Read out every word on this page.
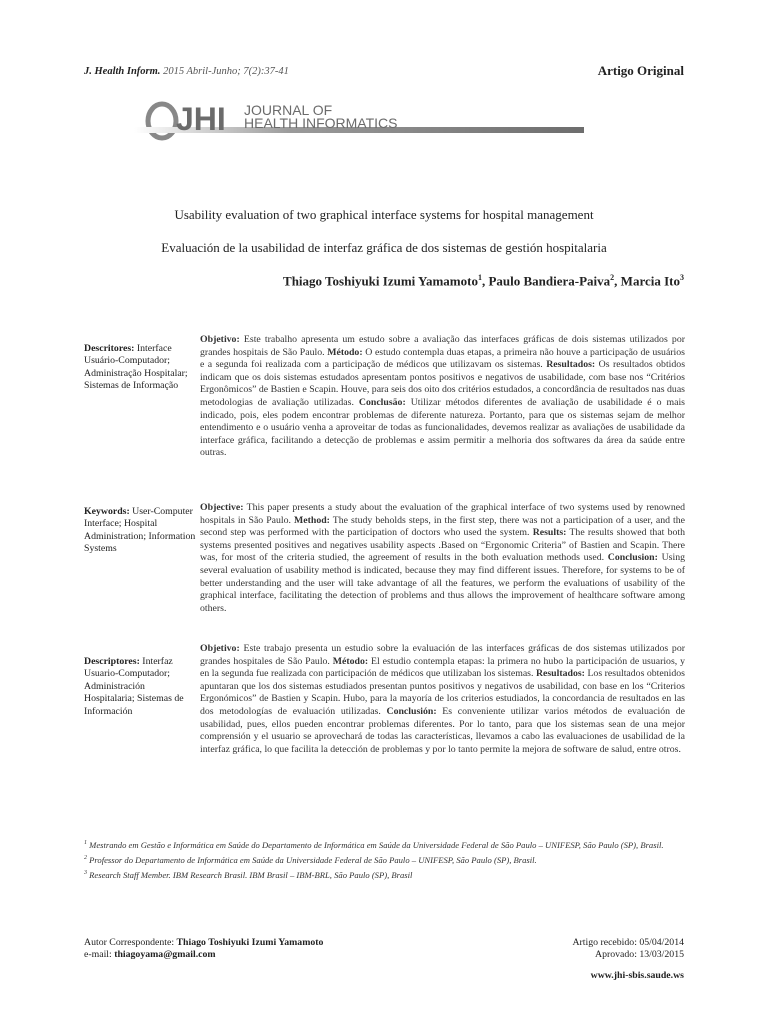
J. Health Inform. 2015 Abril-Junho; 7(2):37-41	Artigo Original
JHI JOURNAL OF
HEALTH INFORMATICS
Usability evaluation of two graphical interface systems for hospital management
Evaluación de la usabilidad de interfaz gráfica de dos sistemas de gestión hospitalaria
Thiago Toshiyuki Izumi Yamamoto$^1$, Paulo Bandiera-Paiva$^2$, Marcia Ito$^3$
Descritores: Interface Usuário-Computador; Administração Hospitalar; Sistemas de Informação
Objetivo: Este trabalho apresenta um estudo sobre a avaliação das interfaces gráficas de dois sistemas utilizados por grandes hospitais de São Paulo. Método: O estudo contempla duas etapas, a primeira não houve a participação de usuários e a segunda foi realizada com a participação de médicos que utilizavam os sistemas. Resultados: Os resultados obtidos indicam que os dois sistemas estudados apresentam pontos positivos e negativos de usabilidade, com base nos “Critérios Ergonômicos” de Bastien e Scapin. Houve, para seis dos oito dos critérios estudados, a concordância de resultados nas duas metodologias de avaliação utilizadas. Conclusão: Utilizar métodos diferentes de avaliação de usabilidade é o mais indicado, pois, eles podem encontrar problemas de diferente natureza. Portanto, para que os sistemas sejam de melhor entendimento e o usuário venha a aproveitar de todas as funcionalidades, devemos realizar as avaliações de usabilidade da interface gráfica, facilitando a detecção de problemas e assim permitir a melhoria dos softwares da área da saúde entre outras.
Keywords: User-Computer Interface; Hospital Administration; Information Systems
Objective: This paper presents a study about the evaluation of the graphical interface of two systems used by renowned hospitals in São Paulo. Method: The study beholds steps, in the first step, there was not a participation of a user, and the second step was performed with the participation of doctors who used the system. Results: The results showed that both systems presented positives and negatives usability aspects .Based on “Ergonomic Criteria” of Bastien and Scapin. There was, for most of the criteria studied, the agreement of results in the both evaluation methods used. Conclusion: Using several evaluation of usability method is indicated, because they may find different issues. Therefore, for systems to be of better understanding and the user will take advantage of all the features, we perform the evaluations of usability of the graphical interface, facilitating the detection of problems and thus allows the improvement of healthcare software among others.
Descriptores: Interfaz Usuario-Computador; Administración Hospitalaria; Sistemas de Información
Objetivo: Este trabajo presenta un estudio sobre la evaluación de las interfaces gráficas de dos sistemas utilizados por grandes hospitales de São Paulo. Método: El estudio contempla etapas: la primera no hubo la participación de usuarios, y en la segunda fue realizada con participación de médicos que utilizaban los sistemas. Resultados: Los resultados obtenidos apuntaran que los dos sistemas estudiados presentan puntos positivos y negativos de usabilidad, con base en los “Criterios Ergonómicos” de Bastien y Scapin. Hubo, para la mayoría de los criterios estudiados, la concordancia de resultados en las dos metodologías de evaluación utilizadas. Conclusión: Es conveniente utilizar varios métodos de evaluación de usabilidad, pues, ellos pueden encontrar problemas diferentes. Por lo tanto, para que los sistemas sean de una mejor comprensión y el usuario se aprovechará de todas las características, llevamos a cabo las evaluaciones de usabilidad de la interfaz gráfica, lo que facilita la detección de problemas y por lo tanto permite la mejora de software de salud, entre otros.

$^1$ Mestrando em Gestão e Informática em Saúde do Departamento de Informática em Saúde da Universidade Federal de São Paulo – UNIFESP, São Paulo (SP), Brasil.

$^2$ Professor do Departamento de Informática em Saúde da Universidade Federal de São Paulo – UNIFESP, São Paulo (SP), Brasil.

$^3$ Research Staff Member. IBM Research Brasil. IBM Brasil – IBM-BRL, São Paulo (SP), Brasil

Autor Correspondente: Thiago Toshiyuki Izumi Yamamoto
e-mail: thiagoyama@gmail.com
Artigo recebido: 05/04/2014
Aprovado: 13/03/2015
www.jhi-sbis.saude.ws
